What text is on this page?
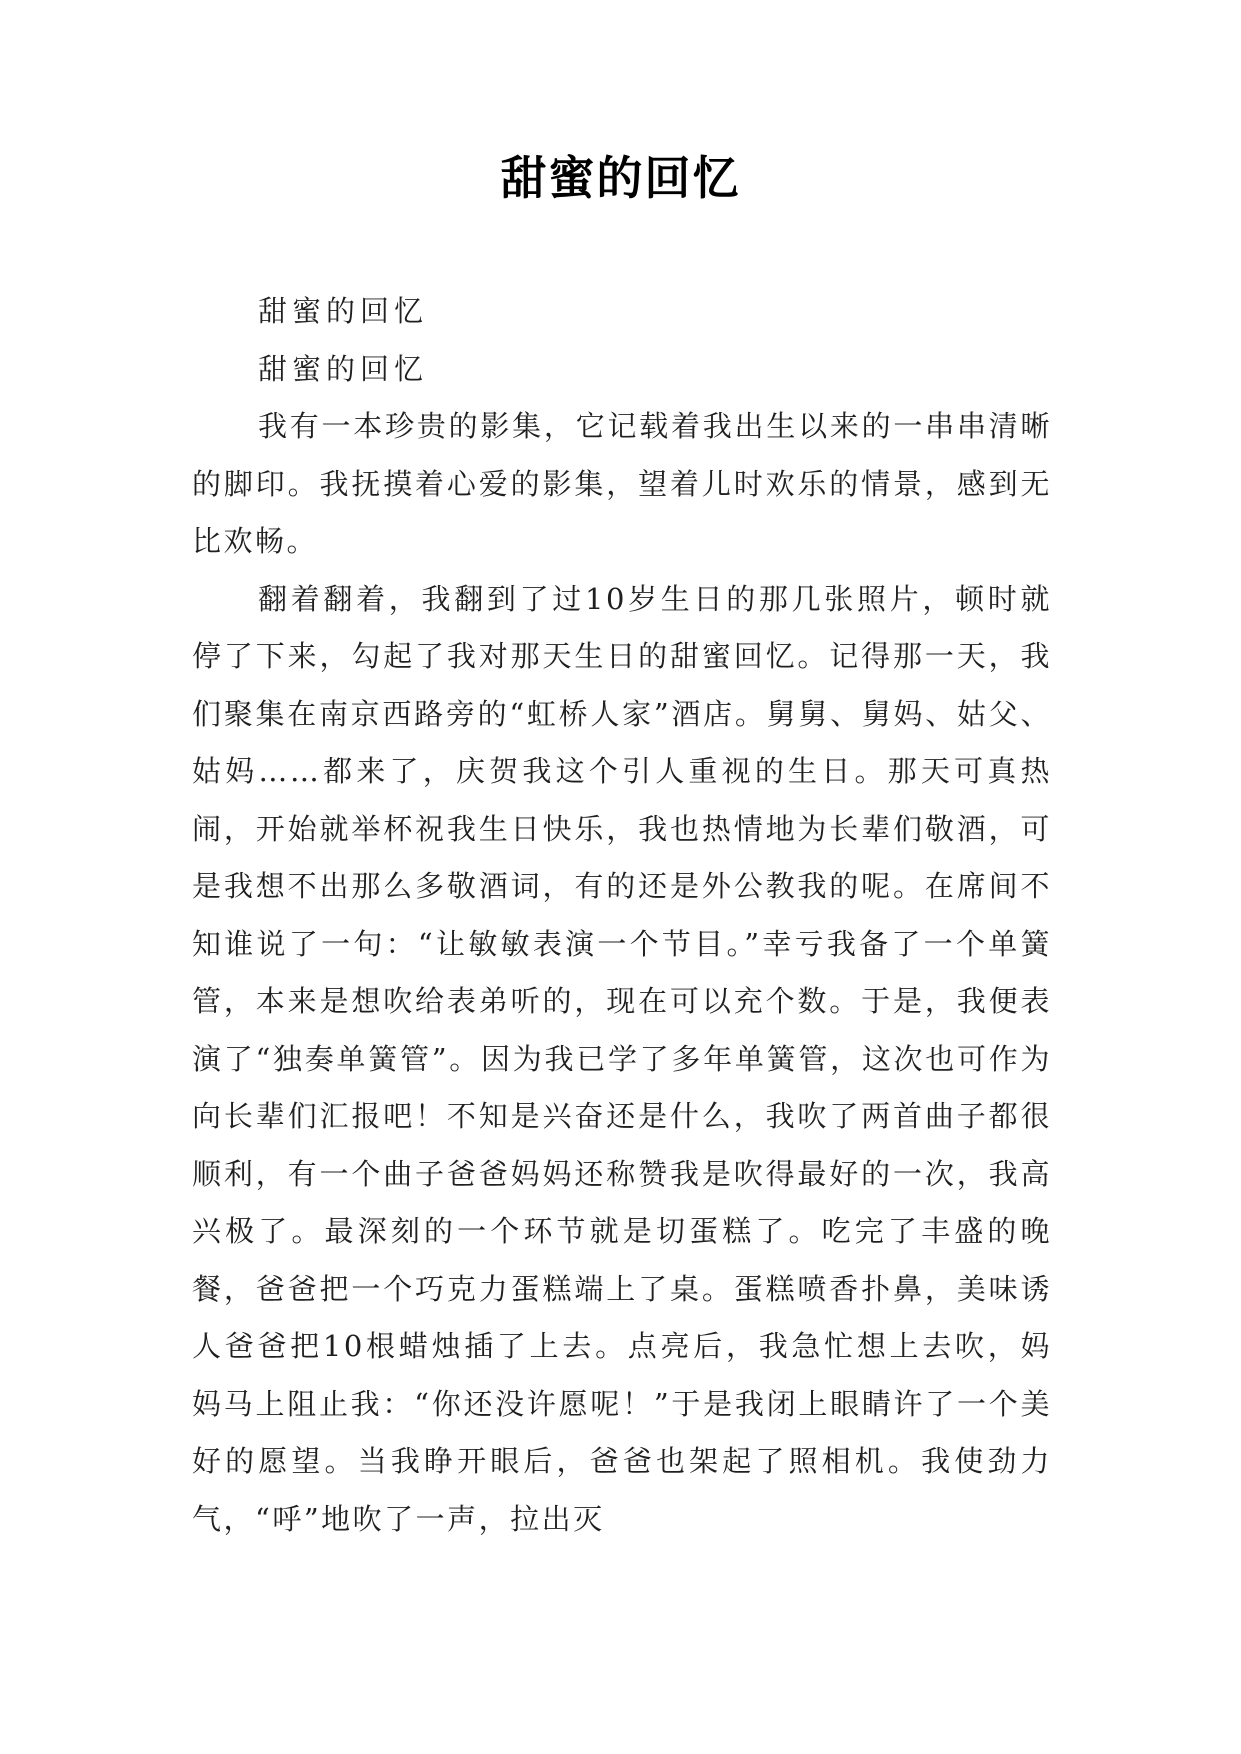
甜蜜的回忆

甜蜜的回忆

甜蜜的回忆

我有一本珍贵的影集，它记载着我出生以来的一串串清晰的脚印。我抚摸着心爱的影集，望着儿时欢乐的情景，感到无比欢畅。

翻着翻着，我翻到了过10岁生日的那几张照片，顿时就停了下来，勾起了我对那天生日的甜蜜回忆。记得那一天，我们聚集在南京西路旁的“虹桥人家”酒店。舅舅、舅妈、姑父、姑妈……都来了，庆贺我这个引人重视的生日。那天可真热闹，开始就举杯祝我生日快乐，我也热情地为长辈们敬酒，可是我想不出那么多敬酒词，有的还是外公教我的呢。在席间不知谁说了一句：“让敏敏表演一个节目。”幸亏我备了一个单簧管，本来是想吹给表弟听的，现在可以充个数。于是，我便表演了“独奏单簧管”。因为我已学了多年单簧管，这次也可作为向长辈们汇报吧！不知是兴奋还是什么，我吹了两首曲子都很顺利，有一个曲子爸爸妈妈还称赞我是吹得最好的一次，我高兴极了。最深刻的一个环节就是切蛋糕了。吃完了丰盛的晚餐，爸爸把一个巧克力蛋糕端上了桌。蛋糕喷香扑鼻，美味诱人爸爸把10根蜡烛插了上去。点亮后，我急忙想上去吹，妈妈马上阻止我：“你还没许愿呢！”于是我闭上眼睛许了一个美好的愿望。当我睁开眼后，爸爸也架起了照相机。我使劲力气，“呼”地吹了一声，拉出灭
